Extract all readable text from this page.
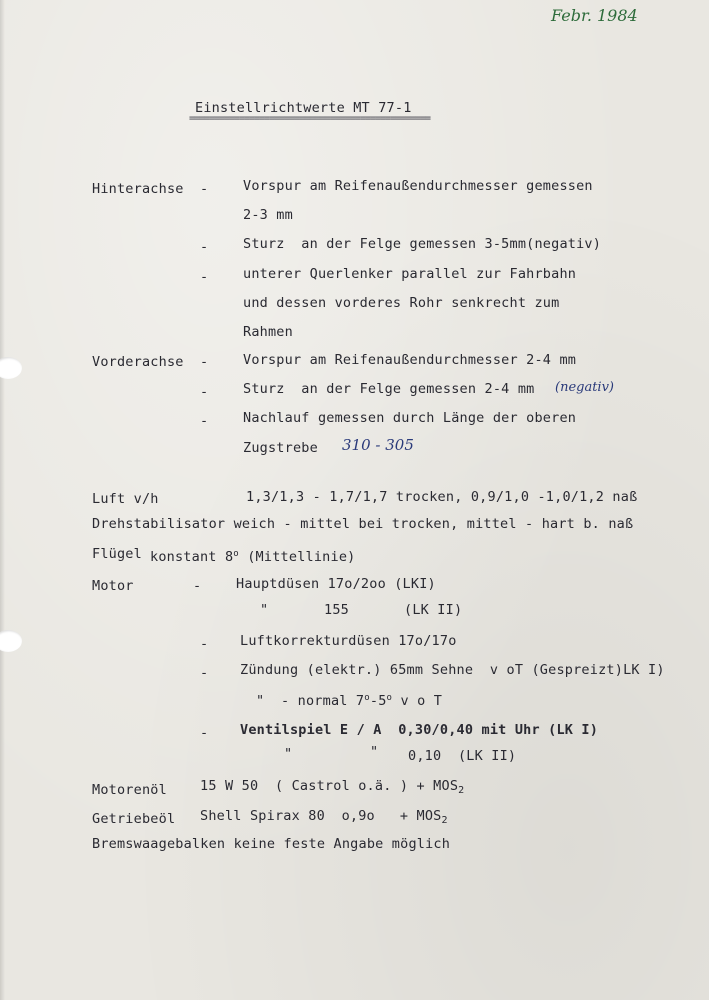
Febr. 1984
Einstellrichtwerte MT 77-1
================================================
Hinterachse -	Vorspur am Reifenaußendurchmesser gemessen
2-3 mm
-	Sturz  an der Felge gemessen 3-5mm(negativ)
-	unterer Querlenker parallel zur Fahrbahn
und dessen vorderes Rohr senkrecht zum
Rahmen
Vorderachse -	Vorspur am Reifenaußendurchmesser 2-4 mm
-	Sturz  an der Felge gemessen 2-4 mm (negativ)
-	Nachlauf gemessen durch Länge der oberen
Zugstrebe 310 - 305
Luft v/h	1,3/1,3 - 1,7/1,7 trocken, 0,9/1,0 -1,0/1,2 naß
Drehstabilisator weich - mittel bei trocken, mittel - hart b. naß
Flügel konstant 8$^o$ (Mittellinie)
Motor	-	Hauptdüsen 17o/2oo (LKI)
"	155	(LK II)
- Luftkorrekturdüsen 17o/17o
- Zündung (elektr.) 65mm Sehne  v oT (Gespreizt)LK I)
" - normal 7$^o$-5$^o$ v o T
- Ventilspiel E / A  0,30/0,40 mit Uhr (LK I)
"	" 0,10  (LK II)
Motorenöl 15 W 50  ( Castrol o.ä. ) + $MOS_2$
Getriebeöl Shell Spirax 80  $o,9o + MOS_2$
Bremswaagebalken keine feste Angabe möglich
